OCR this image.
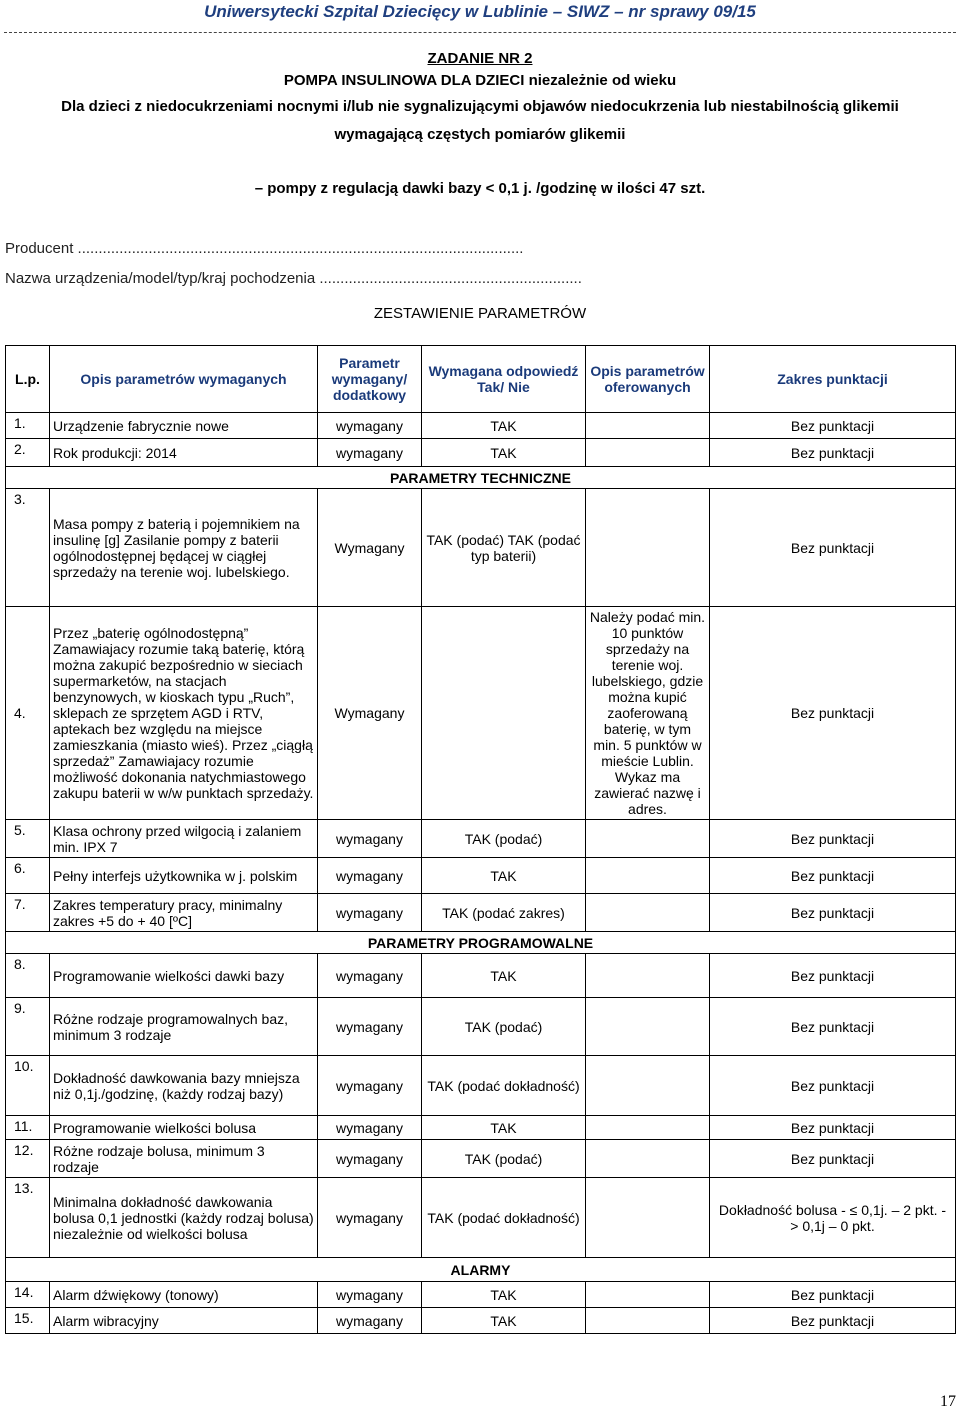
Uniwersytecki Szpital Dziecięcy w Lublinie – SIWZ – nr sprawy 09/15
ZADANIE NR 2
POMPA INSULINOWA DLA DZIECI niezależnie od wieku
Dla dzieci z niedocukrzeniami nocnymi i/lub nie sygnalizującymi objawów niedocukrzenia lub niestabilnością glikemii
wymagającą częstych pomiarów glikemii
– pompy z regulacją dawki bazy < 0,1 j. /godzinę w ilości 47 szt.
Producent ...........................................................................................................
Nazwa urządzenia/model/typ/kraj pochodzenia ...............................................................
ZESTAWIENIE PARAMETRÓW
L.p.	Opis parametrów wymaganych	Parametr wymagany/ dodatkowy	Wymagana odpowiedź Tak/ Nie	Opis parametrów oferowanych	Zakres punktacji
1.	Urządzenie fabrycznie nowe	wymagany	TAK		Bez punktacji
2.	Rok produkcji: 2014	wymagany	TAK		Bez punktacji
PARAMETRY TECHNICZNE					
3.	Masa pompy z baterią i pojemnikiem na insulinę [g] Zasilanie pompy z baterii ogólnodostępnej będącej w ciągłej sprzedaży na terenie woj. lubelskiego.	Wymagany	TAK (podać) TAK (podać typ baterii)		Bez punktacji
4.	Przez „baterię ogólnodostępną” Zamawiajacy rozumie taką baterię, którą można zakupić bezpośrednio w sieciach supermarketów, na stacjach benzynowych, w kioskach typu „Ruch”, sklepach ze sprzętem AGD i RTV, aptekach bez względu na miejsce zamieszkania (miasto wieś). Przez „ciągłą sprzedaż” Zamawiajacy rozumie możliwość dokonania natychmiastowego zakupu baterii w w/w punktach sprzedaży.	Wymagany		Należy podać min. 10 punktów sprzedaży na terenie woj. lubelskiego, gdzie można kupić zaoferowaną baterię, w tym min. 5 punktów w mieście Lublin. Wykaz ma zawierać nazwę i adres.	Bez punktacji
5.	Klasa ochrony przed wilgocią i zalaniem min. IPX 7	wymagany	TAK (podać)		Bez punktacji
6.	Pełny interfejs użytkownika w j. polskim	wymagany	TAK		Bez punktacji
7.	Zakres temperatury pracy, minimalny zakres +5 do + 40 [ºC]	wymagany	TAK (podać zakres)		Bez punktacji
PARAMETRY PROGRAMOWALNE					
8.	Programowanie wielkości dawki bazy	wymagany	TAK		Bez punktacji
9.	Różne rodzaje programowalnych baz, minimum 3 rodzaje	wymagany	TAK (podać)		Bez punktacji
10.	Dokładność dawkowania bazy mniejsza niż 0,1j./godzinę, (każdy rodzaj bazy)	wymagany	TAK (podać dokładność)		Bez punktacji
11.	Programowanie wielkości bolusa	wymagany	TAK		Bez punktacji
12.	Różne rodzaje bolusa, minimum 3 rodzaje	wymagany	TAK (podać)		Bez punktacji
13.	Minimalna dokładność dawkowania bolusa 0,1 jednostki (każdy rodzaj bolusa) niezależnie od wielkości bolusa	wymagany	TAK (podać dokładność)		Dokładność bolusa - ≤ 0,1j. – 2 pkt. - > 0,1j – 0 pkt.
ALARMY					
14.	Alarm dźwiękowy (tonowy)	wymagany	TAK		Bez punktacji
15.	Alarm wibracyjny	wymagany	TAK		Bez punktacji
17
